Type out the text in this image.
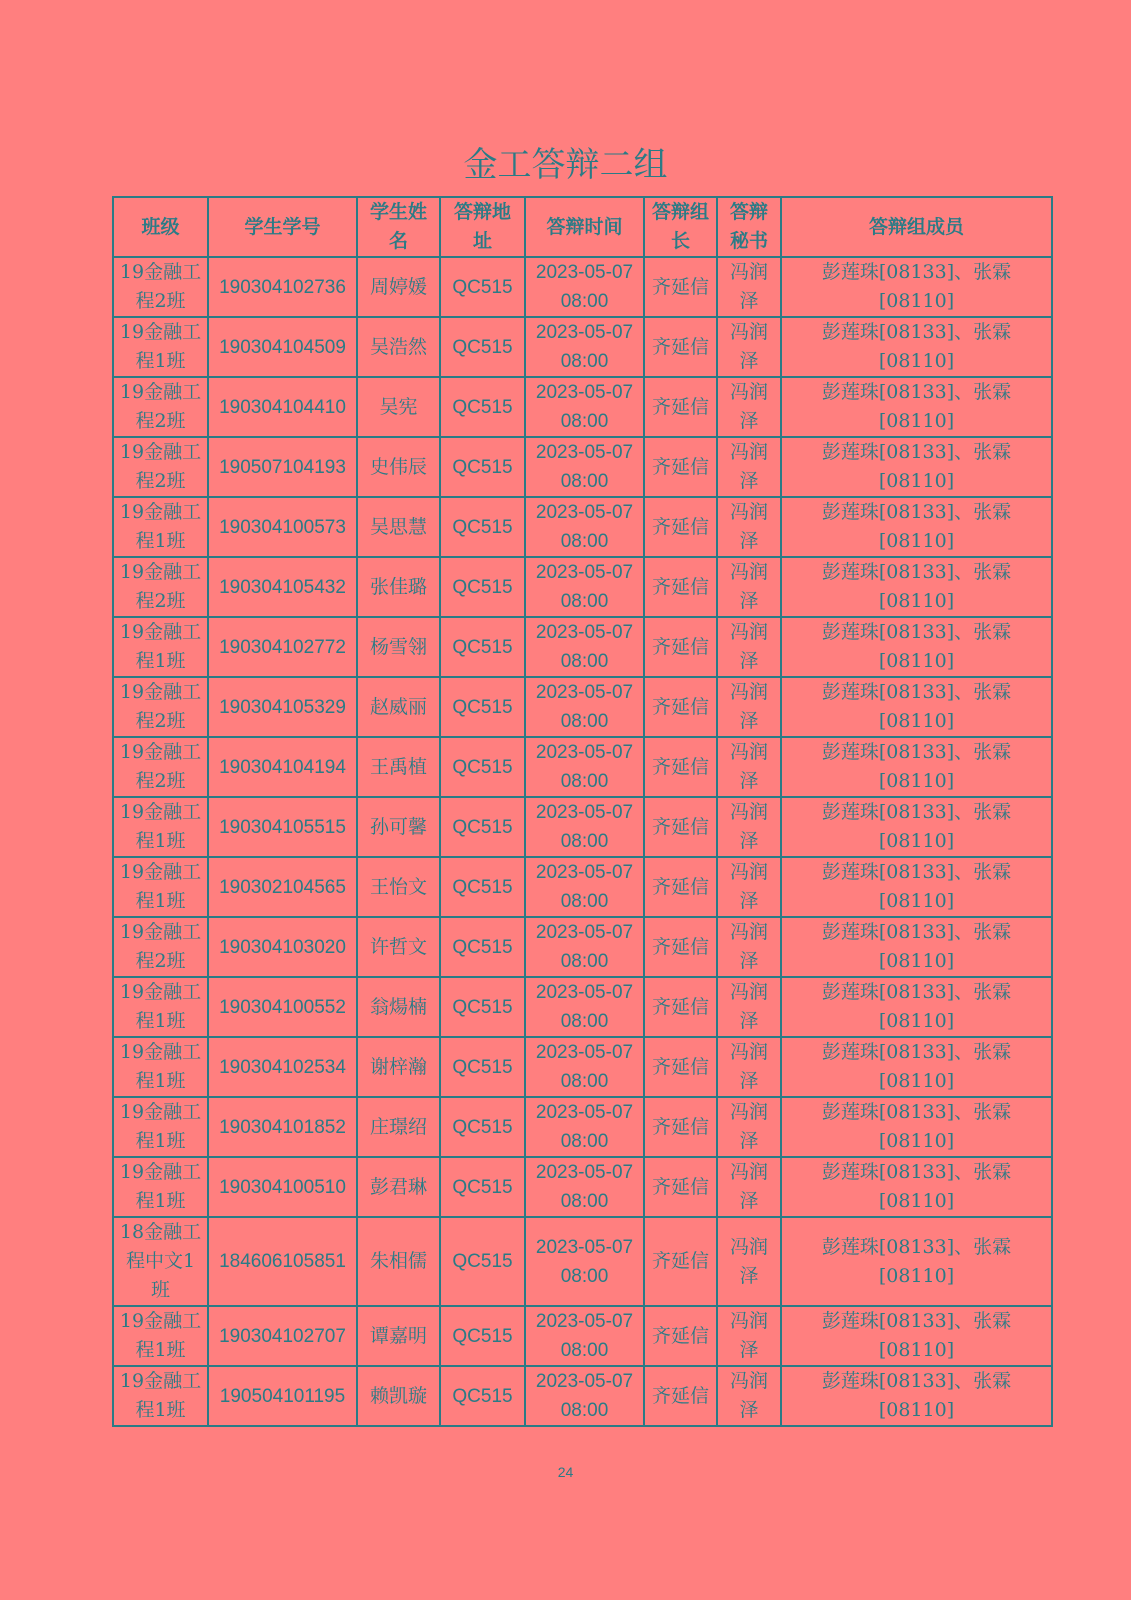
金工答辩二组
班级	学生学号	学生姓名	答辩地址	答辩时间	答辩组长	答辩秘书	答辩组成员
19金融工程2班	190304102736	周婷媛	QC515	2023-05-07 08:00	齐延信	冯润泽	彭莲珠[08133]、张霖[08110]
19金融工程1班	190304104509	吴浩然	QC515	2023-05-07 08:00	齐延信	冯润泽	彭莲珠[08133]、张霖[08110]
19金融工程2班	190304104410	吴宪	QC515	2023-05-07 08:00	齐延信	冯润泽	彭莲珠[08133]、张霖[08110]
19金融工程2班	190507104193	史伟辰	QC515	2023-05-07 08:00	齐延信	冯润泽	彭莲珠[08133]、张霖[08110]
19金融工程1班	190304100573	吴思慧	QC515	2023-05-07 08:00	齐延信	冯润泽	彭莲珠[08133]、张霖[08110]
19金融工程2班	190304105432	张佳璐	QC515	2023-05-07 08:00	齐延信	冯润泽	彭莲珠[08133]、张霖[08110]
19金融工程1班	190304102772	杨雪翎	QC515	2023-05-07 08:00	齐延信	冯润泽	彭莲珠[08133]、张霖[08110]
19金融工程2班	190304105329	赵威丽	QC515	2023-05-07 08:00	齐延信	冯润泽	彭莲珠[08133]、张霖[08110]
19金融工程2班	190304104194	王禹植	QC515	2023-05-07 08:00	齐延信	冯润泽	彭莲珠[08133]、张霖[08110]
19金融工程1班	190304105515	孙可馨	QC515	2023-05-07 08:00	齐延信	冯润泽	彭莲珠[08133]、张霖[08110]
19金融工程1班	190302104565	王怡文	QC515	2023-05-07 08:00	齐延信	冯润泽	彭莲珠[08133]、张霖[08110]
19金融工程2班	190304103020	许哲文	QC515	2023-05-07 08:00	齐延信	冯润泽	彭莲珠[08133]、张霖[08110]
19金融工程1班	190304100552	翁煬楠	QC515	2023-05-07 08:00	齐延信	冯润泽	彭莲珠[08133]、张霖[08110]
19金融工程1班	190304102534	谢梓瀚	QC515	2023-05-07 08:00	齐延信	冯润泽	彭莲珠[08133]、张霖[08110]
19金融工程1班	190304101852	庄璟绍	QC515	2023-05-07 08:00	齐延信	冯润泽	彭莲珠[08133]、张霖[08110]
19金融工程1班	190304100510	彭君琳	QC515	2023-05-07 08:00	齐延信	冯润泽	彭莲珠[08133]、张霖[08110]
18金融工程中文1班	184606105851	朱相儒	QC515	2023-05-07 08:00	齐延信	冯润泽	彭莲珠[08133]、张霖[08110]
19金融工程1班	190304102707	谭嘉明	QC515	2023-05-07 08:00	齐延信	冯润泽	彭莲珠[08133]、张霖[08110]
19金融工程1班	190504101195	赖凯璇	QC515	2023-05-07 08:00	齐延信	冯润泽	彭莲珠[08133]、张霖[08110]
24
